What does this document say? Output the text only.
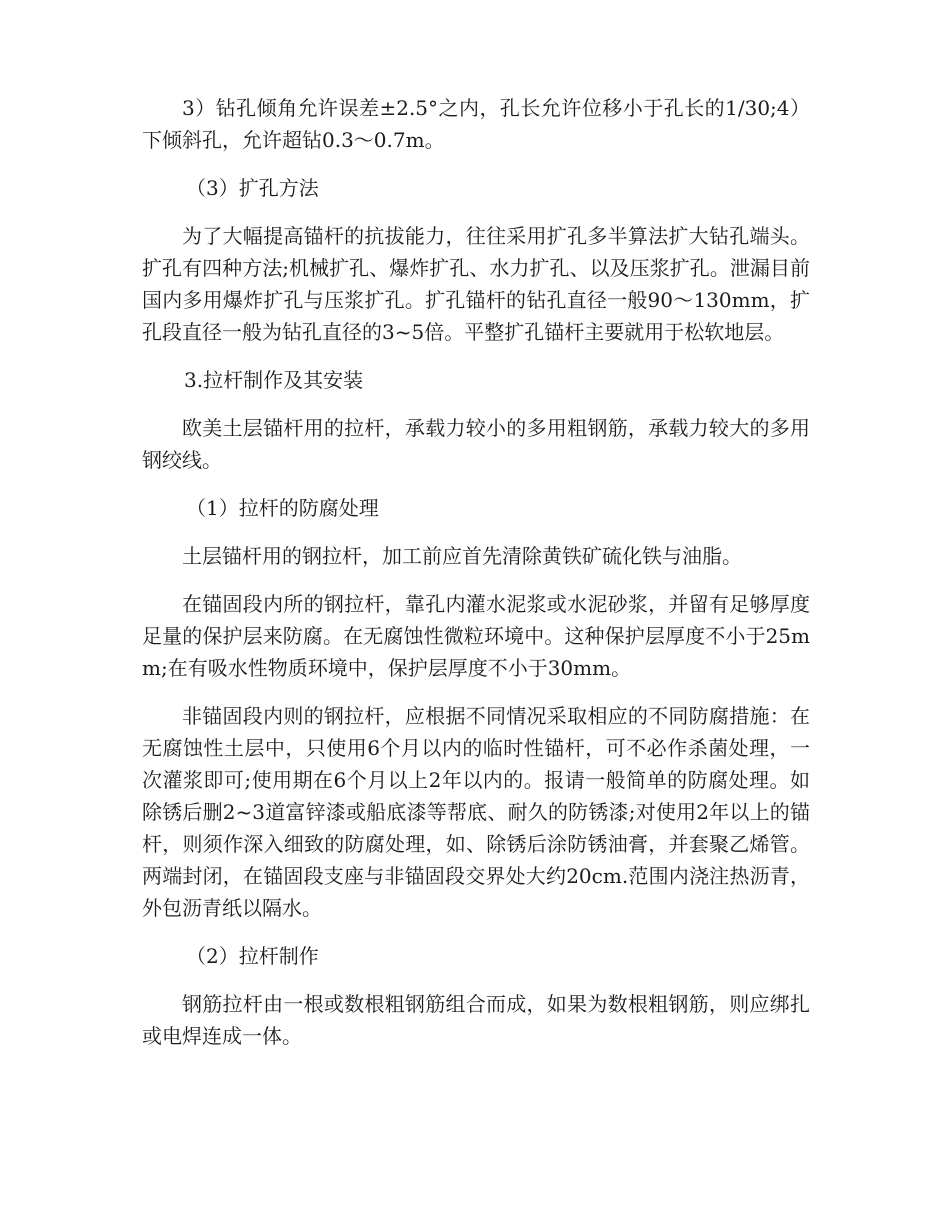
3）钻孔倾角允许误差±2.5°之内，孔长允许位移小于孔长的1/30;4）下倾斜孔，允许超钻0.3～0.7m。

（3）扩孔方法

为了大幅提高锚杆的抗拔能力，往往采用扩孔多半算法扩大钻孔端头。扩孔有四种方法;机械扩孔、爆炸扩孔、水力扩孔、以及压浆扩孔。泄漏目前国内多用爆炸扩孔与压浆扩孔。扩孔锚杆的钻孔直径一般90～130mm，扩孔段直径一般为钻孔直径的3~5倍。平整扩孔锚杆主要就用于松软地层。

3.拉杆制作及其安装

欧美土层锚杆用的拉杆，承载力较小的多用粗钢筋，承载力较大的多用钢绞线。

（1）拉杆的防腐处理

土层锚杆用的钢拉杆，加工前应首先清除黄铁矿硫化铁与油脂。

在锚固段内所的钢拉杆，靠孔内灌水泥浆或水泥砂浆，并留有足够厚度足量的保护层来防腐。在无腐蚀性微粒环境中。这种保护层厚度不小于25mm;在有吸水性物质环境中，保护层厚度不小于30mm。

非锚固段内则的钢拉杆，应根据不同情况采取相应的不同防腐措施：在无腐蚀性土层中，只使用6个月以内的临时性锚杆，可不必作杀菌处理，一次灌浆即可;使用期在6个月以上2年以内的。报请一般简单的防腐处理。如除锈后删2~3道富锌漆或船底漆等帮底、耐久的防锈漆;对使用2年以上的锚杆，则须作深入细致的防腐处理，如、除锈后涂防锈油膏，并套聚乙烯管。两端封闭，在锚固段支座与非锚固段交界处大约20cm.范围内浇注热沥青，外包沥青纸以隔水。

（2）拉杆制作

钢筋拉杆由一根或数根粗钢筋组合而成，如果为数根粗钢筋，则应绑扎或电焊连成一体。
